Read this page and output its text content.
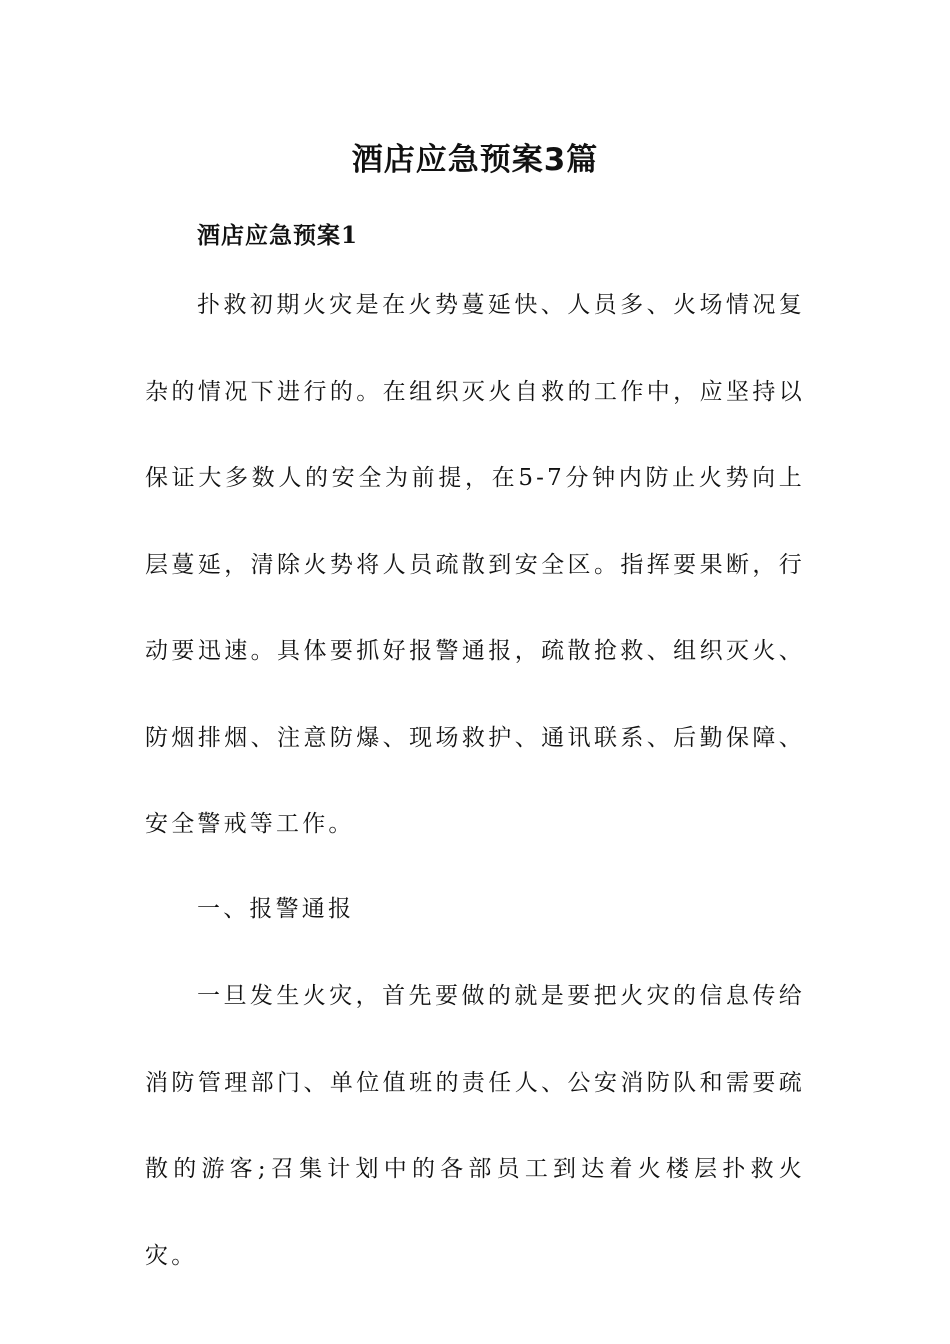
酒店应急预案3篇
酒店应急预案1

扑救初期火灾是在火势蔓延快、人员多、火场情况复杂的情况下进行的。在组织灭火自救的工作中，应坚持以保证大多数人的安全为前提，在5-7分钟内防止火势向上层蔓延，清除火势将人员疏散到安全区。指挥要果断，行动要迅速。具体要抓好报警通报，疏散抢救、组织灭火、防烟排烟、注意防爆、现场救护、通讯联系、后勤保障、安全警戒等工作。

一、报警通报

一旦发生火灾，首先要做的就是要把火灾的信息传给消防管理部门、单位值班的责任人、公安消防队和需要疏散的游客;召集计划中的各部员工到达着火楼层扑救火灾。
